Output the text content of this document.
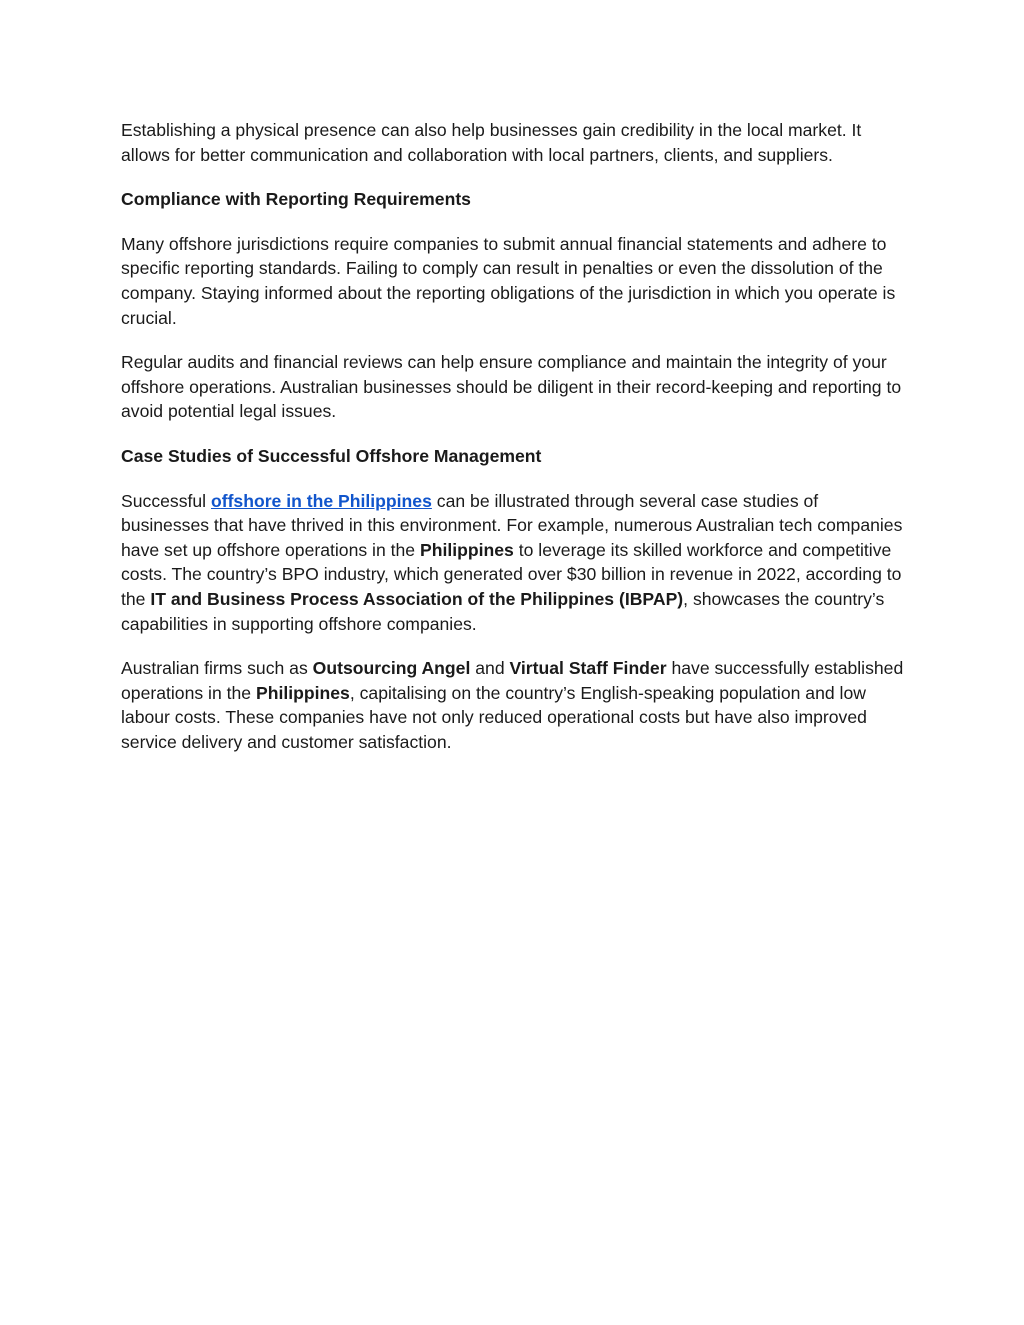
Establishing a physical presence can also help businesses gain credibility in the local market. It allows for better communication and collaboration with local partners, clients, and suppliers.

Compliance with Reporting Requirements

Many offshore jurisdictions require companies to submit annual financial statements and adhere to specific reporting standards. Failing to comply can result in penalties or even the dissolution of the company. Staying informed about the reporting obligations of the jurisdiction in which you operate is crucial.

Regular audits and financial reviews can help ensure compliance and maintain the integrity of your offshore operations. Australian businesses should be diligent in their record-keeping and reporting to avoid potential legal issues.

Case Studies of Successful Offshore Management

Successful offshore in the Philippines can be illustrated through several case studies of businesses that have thrived in this environment. For example, numerous Australian tech companies have set up offshore operations in the Philippines to leverage its skilled workforce and competitive costs. The country’s BPO industry, which generated over $30 billion in revenue in 2022, according to the IT and Business Process Association of the Philippines (IBPAP), showcases the country’s capabilities in supporting offshore companies.

Australian firms such as Outsourcing Angel and Virtual Staff Finder have successfully established operations in the Philippines, capitalising on the country’s English-speaking population and low labour costs. These companies have not only reduced operational costs but have also improved service delivery and customer satisfaction.
